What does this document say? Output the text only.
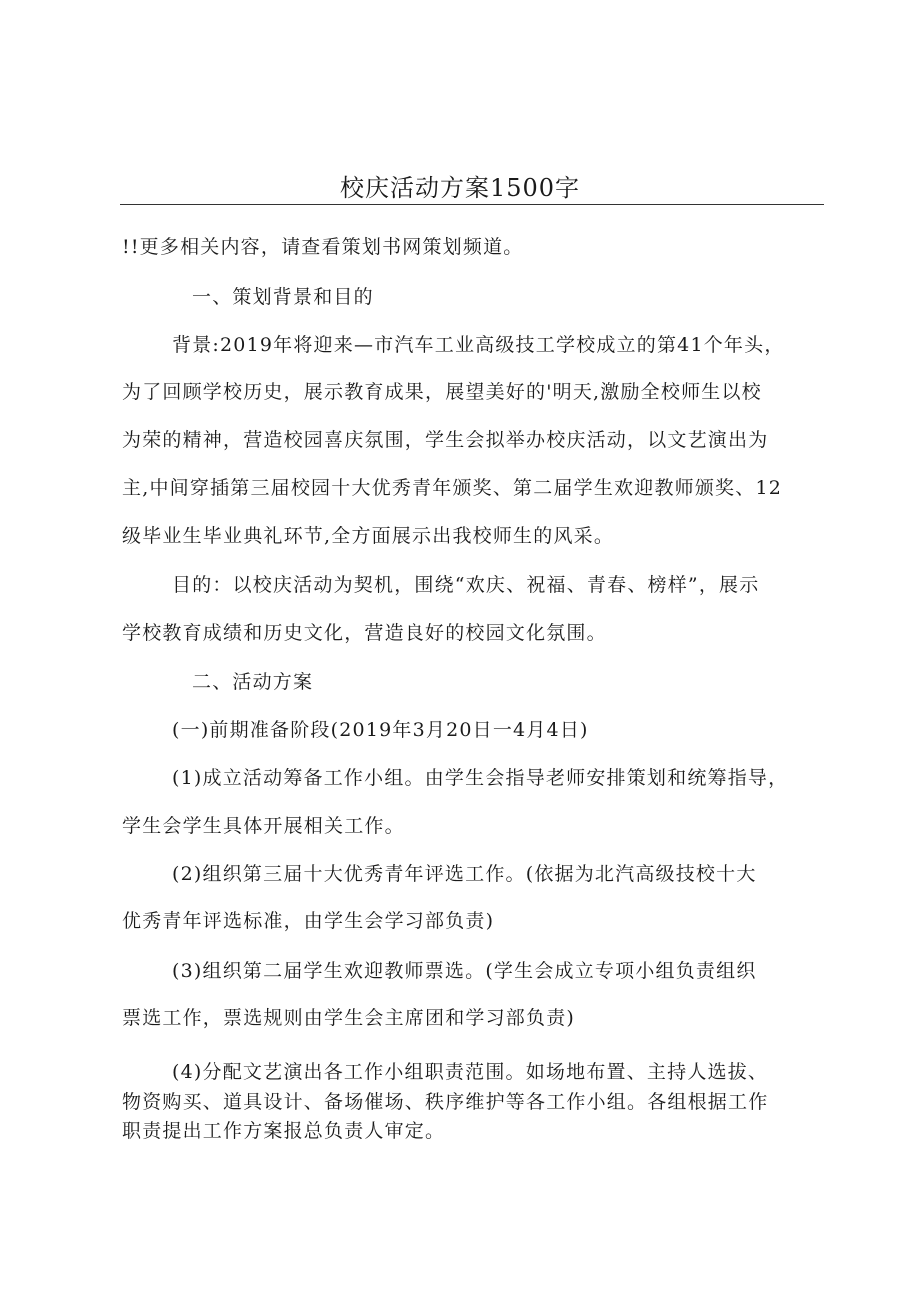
校庆活动方案1500字
!!更多相关内容，请查看策划书网策划频道。
一、策划背景和目的
背景:2019年将迎来—市汽车工业高级技工学校成立的第41个年头，
为了回顾学校历史，展示教育成果，展望美好的'明天,激励全校师生以校
为荣的精神，营造校园喜庆氛围，学生会拟举办校庆活动，以文艺演出为
主,中间穿插第三届校园十大优秀青年颁奖、第二届学生欢迎教师颁奖、12
级毕业生毕业典礼环节,全方面展示出我校师生的风采。
目的：以校庆活动为契机，围绕“欢庆、祝福、青春、榜样”，展示
学校教育成绩和历史文化，营造良好的校园文化氛围。
二、活动方案
(一)前期准备阶段(2019年3月20日一4月4日)
(1)成立活动筹备工作小组。由学生会指导老师安排策划和统筹指导，
学生会学生具体开展相关工作。
(2)组织第三届十大优秀青年评选工作。(依据为北汽高级技校十大
优秀青年评选标准，由学生会学习部负责)
(3)组织第二届学生欢迎教师票选。(学生会成立专项小组负责组织
票选工作，票选规则由学生会主席团和学习部负责)
(4)分配文艺演出各工作小组职责范围。如场地布置、主持人选拔、
物资购买、道具设计、备场催场、秩序维护等各工作小组。各组根据工作
职责提出工作方案报总负责人审定。
